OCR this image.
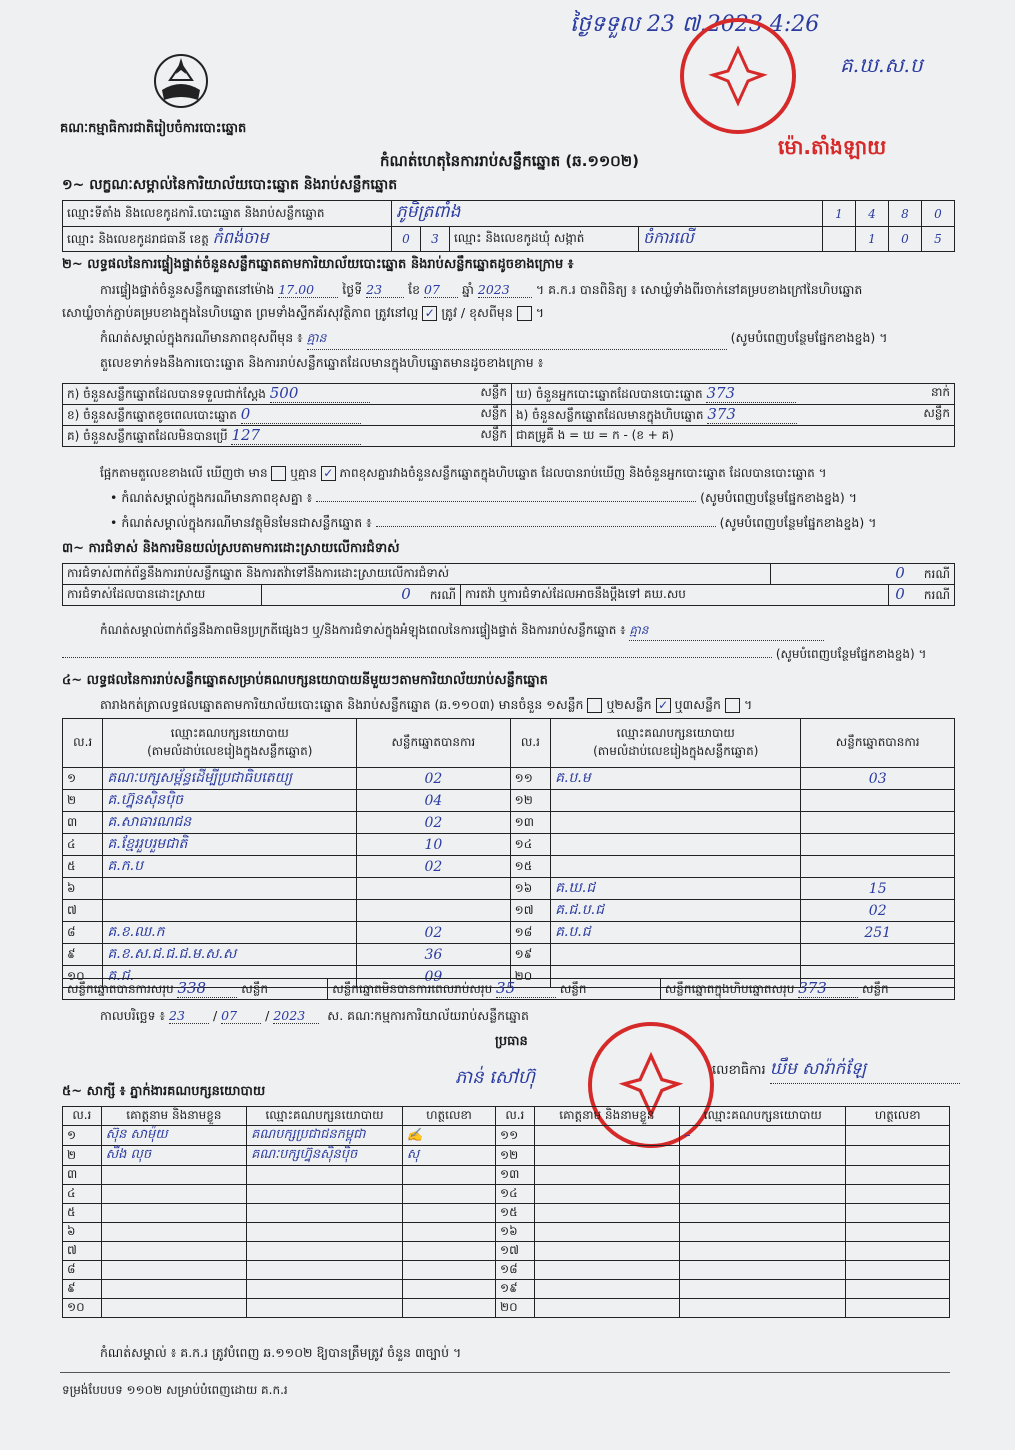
គណៈកម្មាធិការជាតិរៀបចំការបោះឆ្នោត
ថ្ងៃទទួល 23 ៧.2023 4:26
គ.ឃ.ស.ប
ម៉ោ.តាំងឡាយ
កំណត់ហេតុនៃការរាប់សន្លឹកឆ្នោត (ឆ.១១០២)
១~ លក្ខណៈសម្គាល់នៃការិយាល័យបោះឆ្នោត និងរាប់សន្លឹកឆ្នោត
ឈ្មោះទីតាំង និងលេខកូដការិ.បោះឆ្នោត និងរាប់សន្លឹកឆ្នោត	ភូមិត្រពាំង				1	4	8	0
ឈ្មោះ និងលេខកូដរាជធានី ខេត្ត កំពង់ចាម	0	3	ឈ្មោះ និងលេខកូដឃុំ សង្កាត់	ចំការលើ		1	0	5
២~ លទ្ធផលនៃការផ្ទៀងផ្ទាត់ចំនួនសន្លឹកឆ្នោតតាមការិយាល័យបោះឆ្នោត និងរាប់សន្លឹកឆ្នោតដូចខាងក្រោម ៖
ការផ្ទៀងផ្ទាត់ចំនួនសន្លឹកឆ្នោតនៅម៉ោង 17.00 ថ្ងៃទី 23 ខែ 07 ឆ្នាំ 2023 ។ គ.ក.រ បានពិនិត្យ ៖ សោឃ្លំទាំងពីរចាក់នៅគម្របខាងក្រៅនៃហិបឆ្នោត
សោឃ្លំចាក់ភ្ជាប់គម្របខាងក្នុងនៃហិបឆ្នោត ព្រមទាំងស្ទីកគ័រសុវត្ថិភាព ត្រូវនៅល្អ ✓ ត្រូវ / ខុសពីមុន  ។
កំណត់សម្គាល់ក្នុងករណីមានភាពខុសពីមុន ៖ គ្មាន	(សូមបំពេញបន្ថែមផ្នែកខាងខ្នង) ។
តួលេខទាក់ទងនឹងការបោះឆ្នោត និងការរាប់សន្លឹកឆ្នោតដែលមានក្នុងហិបឆ្នោតមានដូចខាងក្រោម ៖
ក) ចំនួនសន្លឹកឆ្នោតដែលបានទទួលជាក់ស្តែង 500 សន្លឹក	ឃ) ចំនួនអ្នកបោះឆ្នោតដែលបានបោះឆ្នោត 373 នាក់

ខ) ចំនួនសន្លឹកឆ្នោតខូចពេលបោះឆ្នោត 0 សន្លឹក	ង) ចំនួនសន្លឹកឆ្នោតដែលមានក្នុងហិបឆ្នោត 373 សន្លឹក

គ) ចំនួនសន្លឹកឆ្នោតដែលមិនបានប្រើ 127 សន្លឹក	ជាគម្រូគឺ ង = ឃ = ក - (ខ + គ)
ផ្អែកតាមតួលេខខាងលើ ឃើញថា មាន  ឬគ្មាន ✓ ភាពខុសគ្នារវាងចំនួនសន្លឹកឆ្នោតក្នុងហិបឆ្នោត ដែលបានរាប់ឃើញ និងចំនួនអ្នកបោះឆ្នោត ដែលបានបោះឆ្នោត ។
• កំណត់សម្គាល់ក្នុងករណីមានភាពខុសគ្នា ៖	(សូមបំពេញបន្ថែមផ្នែកខាងខ្នង) ។
• កំណត់សម្គាល់ក្នុងករណីមានវត្ថុមិនមែនជាសន្លឹកឆ្នោត ៖	(សូមបំពេញបន្ថែមផ្នែកខាងខ្នង) ។
៣~ ការជំទាស់ និងការមិនយល់ស្របតាមការដោះស្រាយលើការជំទាស់
ការជំទាស់ពាក់ព័ន្ធនឹងការរាប់សន្លឹកឆ្នោត និងការតវ៉ាទៅនឹងការដោះស្រាយលើការជំទាស់			0 ករណី	
ការជំទាស់ដែលបានដោះស្រាយ	0 ករណី	ការតវ៉ា ឬការជំទាស់ដែលអាចនឹងប្តឹងទៅ គឃ.សប		0 ករណី
កំណត់សម្គាល់ពាក់ព័ន្ធនឹងភាពមិនប្រក្រតីផ្សេងៗ ឬ/និងការជំទាស់ក្នុងអំឡុងពេលនៃការផ្ទៀងផ្ទាត់ និងការរាប់សន្លឹកឆ្នោត ៖ គ្មាន
(សូមបំពេញបន្ថែមផ្នែកខាងខ្នង) ។
៤~ លទ្ធផលនៃការរាប់សន្លឹកឆ្នោតសម្រាប់គណបក្សនយោបាយនីមួយៗតាមការិយាល័យរាប់សន្លឹកឆ្នោត
តារាងកត់ត្រាលទ្ធផលឆ្នោតតាមការិយាល័យបោះឆ្នោត និងរាប់សន្លឹកឆ្នោត (ឆ.១១០៣) មានចំនួន ១សន្លឹក ឬ២សន្លឹក ✓ ឬ៣សន្លឹក  ។
ល.រ	ឈ្មោះគណបក្សនយោបាយ
(តាមលំដាប់លេខរៀងក្នុងសន្លឹកឆ្នោត)	សន្លឹកឆ្នោតបានការ	ល.រ	ឈ្មោះគណបក្សនយោបាយ
(តាមលំដាប់លេខរៀងក្នុងសន្លឹកឆ្នោត)	សន្លឹកឆ្នោតបានការ
១	គណៈបក្សសម្ព័ន្ធដើម្បីប្រជាធិបតេយ្យ	02	១១	គ.ប.ម	03
២	គ.ហ្វ៊ុនស៊ិនប៉ិច	04	១២		
៣	គ.សាធារណជន	02	១៣		
៤	គ.ខ្មែររួបរួមជាតិ	10	១៤		
៥	គ.ក.ប	02	១៥		
៦			១៦	គ.ឃ.ជ	15
៧			១៧	គ.ជ.ប.ជ	02
៨	គ.ខ.ឈ.ក	02	១៨	គ.ប.ជ	251
៩	គ.ខ.ស.ជ.ជ.ជ.ម.ស.ស	36	១៩		
១០	គ.ជ.	09	២០		
សន្លឹកឆ្នោតបានការសរុប 338	សន្លឹក	សន្លឹកឆ្នោតមិនបានការពេលរាប់សរុប 35	សន្លឹក	សន្លឹកឆ្នោតក្នុងហិបឆ្នោតសរុប 373	សន្លឹក
កាលបរិច្ឆេទ ៖ 23 / 07 / 2023 ស. គណៈកម្មការការិយាល័យរាប់សន្លឹកឆ្នោត
ប្រធាន
ភាន់ សៅហ៊ុ	លេខាធិការ ឃឹម សារ៉ាក់ឡែ
៥~ សាក្សី ៖ ភ្នាក់ងារគណបក្សនយោបាយ
ល.រ	គោត្តនាម និងនាមខ្លួន	ឈ្មោះគណបក្សនយោបាយ	ហត្ថលេខា	ល.រ	គោត្តនាម និងនាមខ្លួន	ឈ្មោះគណបក្សនយោបាយ	ហត្ថលេខា
១	ស៊ុន សាម៉ុយ	គណបក្សប្រជាជនកម្ពុជា	✍	១១		–	
២	សឹង លុច	គណៈបក្សហ្វ៊ុនស៊ិនប៉ិច	សុ	១២			
៣				១៣			
៤				១៤			
៥				១៥			
៦				១៦			
៧				១៧			
៨				១៨			
៩				១៩			
១០				២០			
កំណត់សម្គាល់ ៖ គ.ក.រ ត្រូវបំពេញ ឆ.១១០២ ឱ្យបានត្រឹមត្រូវ ចំនួន ៣ច្បាប់ ។
ទម្រង់បែបបទ ១១០២ សម្រាប់បំពេញដោយ គ.ក.រ
